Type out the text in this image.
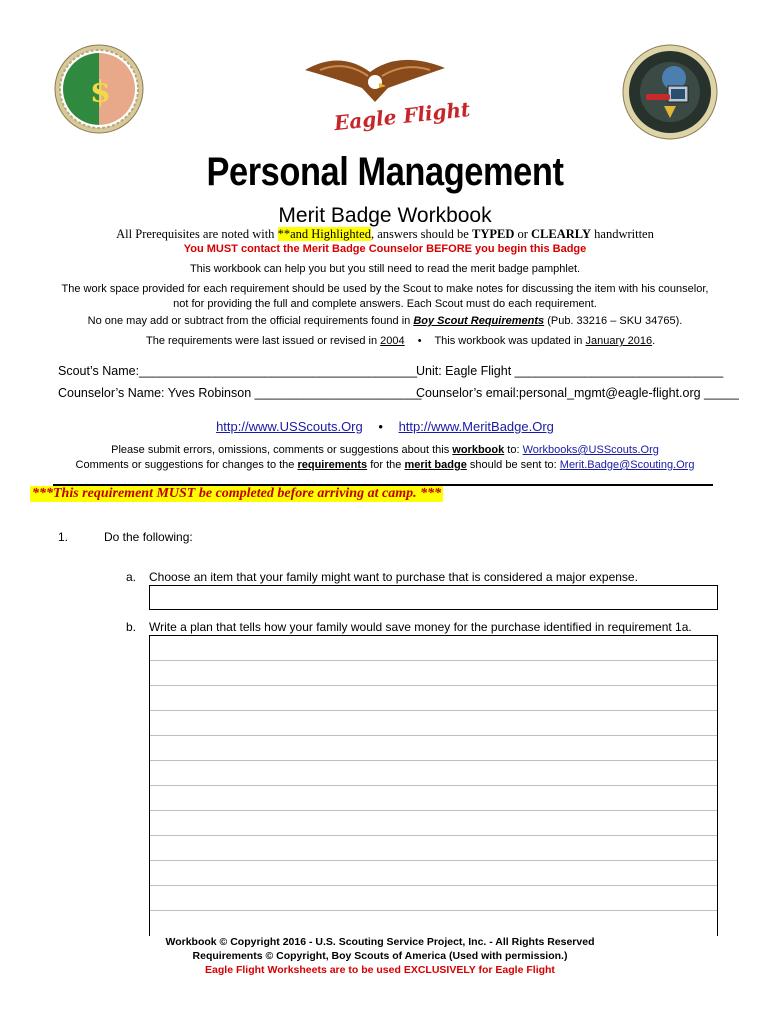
$
Eagle Flight
Personal Management
Merit Badge Workbook
All Prerequisites are noted with **and Highlighted, answers should be TYPED or CLEARLY handwritten
You MUST contact the Merit Badge Counselor BEFORE you begin this Badge
This workbook can help you but you still need to read the merit badge pamphlet.
The work space provided for each requirement should be used by the Scout to make notes for discussing the item with his counselor, not for providing the full and complete answers. Each Scout must do each requirement.
No one may add or subtract from the official requirements found in Boy Scout Requirements (Pub. 33216 – SKU 34765).
The requirements were last issued or revised in 2004 • This workbook was updated in January 2016.
Scout’s Name:________________________________________
Unit: Eagle Flight ______________________________
Counselor’s Name: Yves Robinson ________________________
Counselor’s email:personal_mgmt@eagle-flight.org _____
http://www.USScouts.Org • http://www.MeritBadge.Org
Please submit errors, omissions, comments or suggestions about this workbook to: Workbooks@USScouts.Org
Comments or suggestions for changes to the requirements for the merit badge should be sent to: Merit.Badge@Scouting.Org
***This requirement MUST be completed before arriving at camp. ***
1.	Do the following:
a. Choose an item that your family might want to purchase that is considered a major expense.
b. Write a plan that tells how your family would save money for the purchase identified in requirement 1a.
Workbook © Copyright 2016 - U.S. Scouting Service Project, Inc. - All Rights Reserved
Requirements © Copyright, Boy Scouts of America (Used with permission.)
Eagle Flight Worksheets are to be used EXCLUSIVELY for Eagle Flight
